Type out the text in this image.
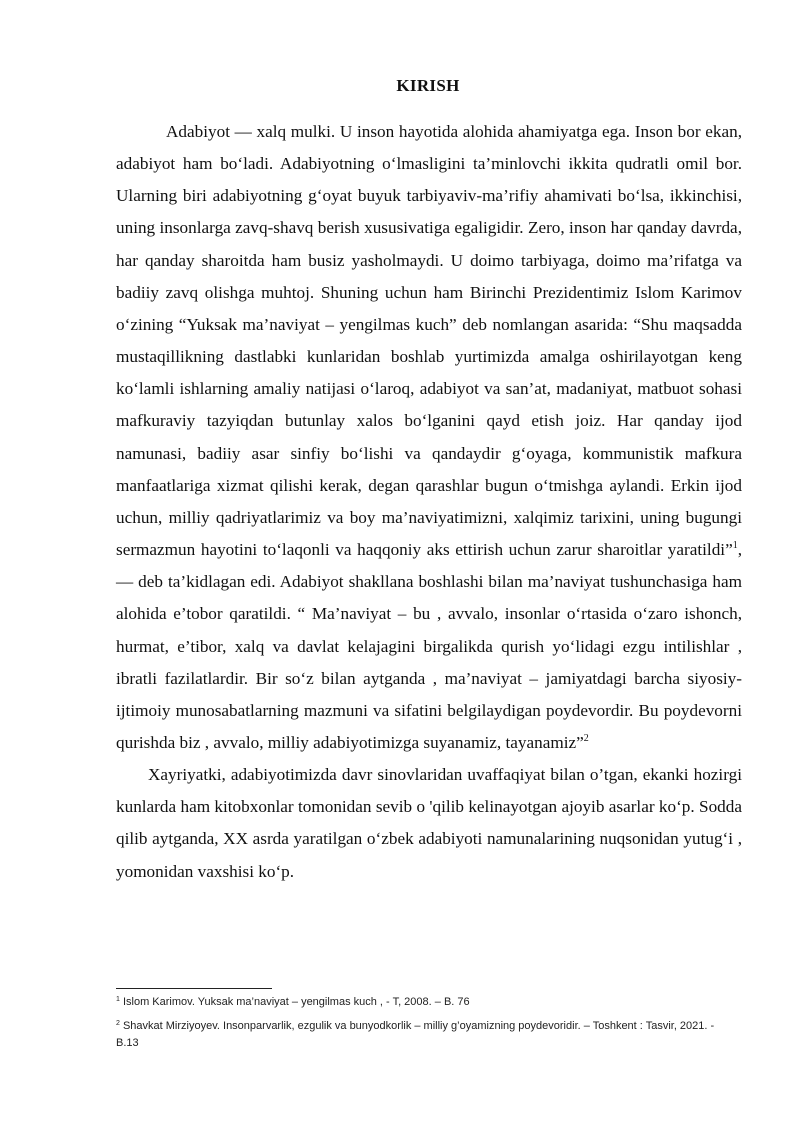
KIRISH

Adabiyot — xalq mulki. U inson hayotida alohida ahamiyatga ega. Inson bor ekan, adabiyot ham bo‘ladi. Adabiyotning o‘lmasligini ta’minlovchi ikkita qudratli omil bor. Ularning biri adabiyotning g‘oyat buyuk tarbiyaviv-ma’rifiy ahamivati bo‘lsa, ikkinchisi, uning insonlarga zavq-shavq berish xususivatiga egaligidir. Zero, inson har qanday davrda, har qanday sharoitda ham busiz yasholmaydi. U doimo tarbiyaga, doimo ma’rifatga va badiiy zavq olishga muhtoj. Shuning uchun ham Birinchi Prezidentimiz Islom Karimov o‘zining “Yuksak ma’naviyat – yengilmas kuch” deb nomlangan asarida: “Shu maqsadda mustaqillikning dastlabki kunlaridan boshlab yurtimizda amalga oshirilayotgan keng ko‘lamli ishlarning amaliy natijasi o‘laroq, adabiyot va san’at, madaniyat, matbuot sohasi mafkuraviy tazyiqdan butunlay xalos bo‘lganini qayd etish joiz. Har qanday ijod namunasi, badiiy asar sinfiy bo‘lishi va qandaydir g‘oyaga, kommunistik mafkura manfaatlariga xizmat qilishi kerak, degan qarashlar bugun o‘tmishga aylandi. Erkin ijod uchun, milliy qadriyatlarimiz va boy ma’naviyatimizni, xalqimiz tarixini, uning bugungi sermazmun hayotini to‘laqonli va haqqoniy aks ettirish uchun zarur sharoitlar yaratildi”$^1$, — deb ta’kidlagan edi. Adabiyot shakllana boshlashi bilan ma’naviyat tushunchasiga ham alohida e’tobor qaratildi. “ Ma’naviyat – bu , avvalo, insonlar o‘rtasida o‘zaro ishonch, hurmat, e’tibor, xalq va davlat kelajagini birgalikda qurish yo‘lidagi ezgu intilishlar , ibratli fazilatlardir. Bir so‘z bilan aytganda , ma’naviyat – jamiyatdagi barcha siyosiy-ijtimoiy munosabatlarning mazmuni va sifatini belgilaydigan poydevordir. Bu poydevorni qurishda biz , avvalo, milliy adabiyotimizga suyanamiz, tayanamiz”$^2$

Xayriyatki, adabiyotimizda davr sinovlaridan uvaffaqiyat bilan o’tgan, ekanki hozirgi kunlarda ham kitobxonlar tomonidan sevib o 'qilib kelinayotgan ajoyib asarlar ko‘p. Sodda qilib aytganda, XX asrda yaratilgan o‘zbek adabiyoti namunalarining nuqsonidan yutug‘i , yomonidan vaxshisi ko‘p.

$^1$ Islom Karimov. Yuksak ma’naviyat – yengilmas kuch , - T, 2008. – B. 76

$^2$ Shavkat Mirziyoyev. Insonparvarlik, ezgulik va bunyodkorlik – milliy g’oyamizning poydevoridir. – Toshkent : Tasvir, 2021. - B.13
